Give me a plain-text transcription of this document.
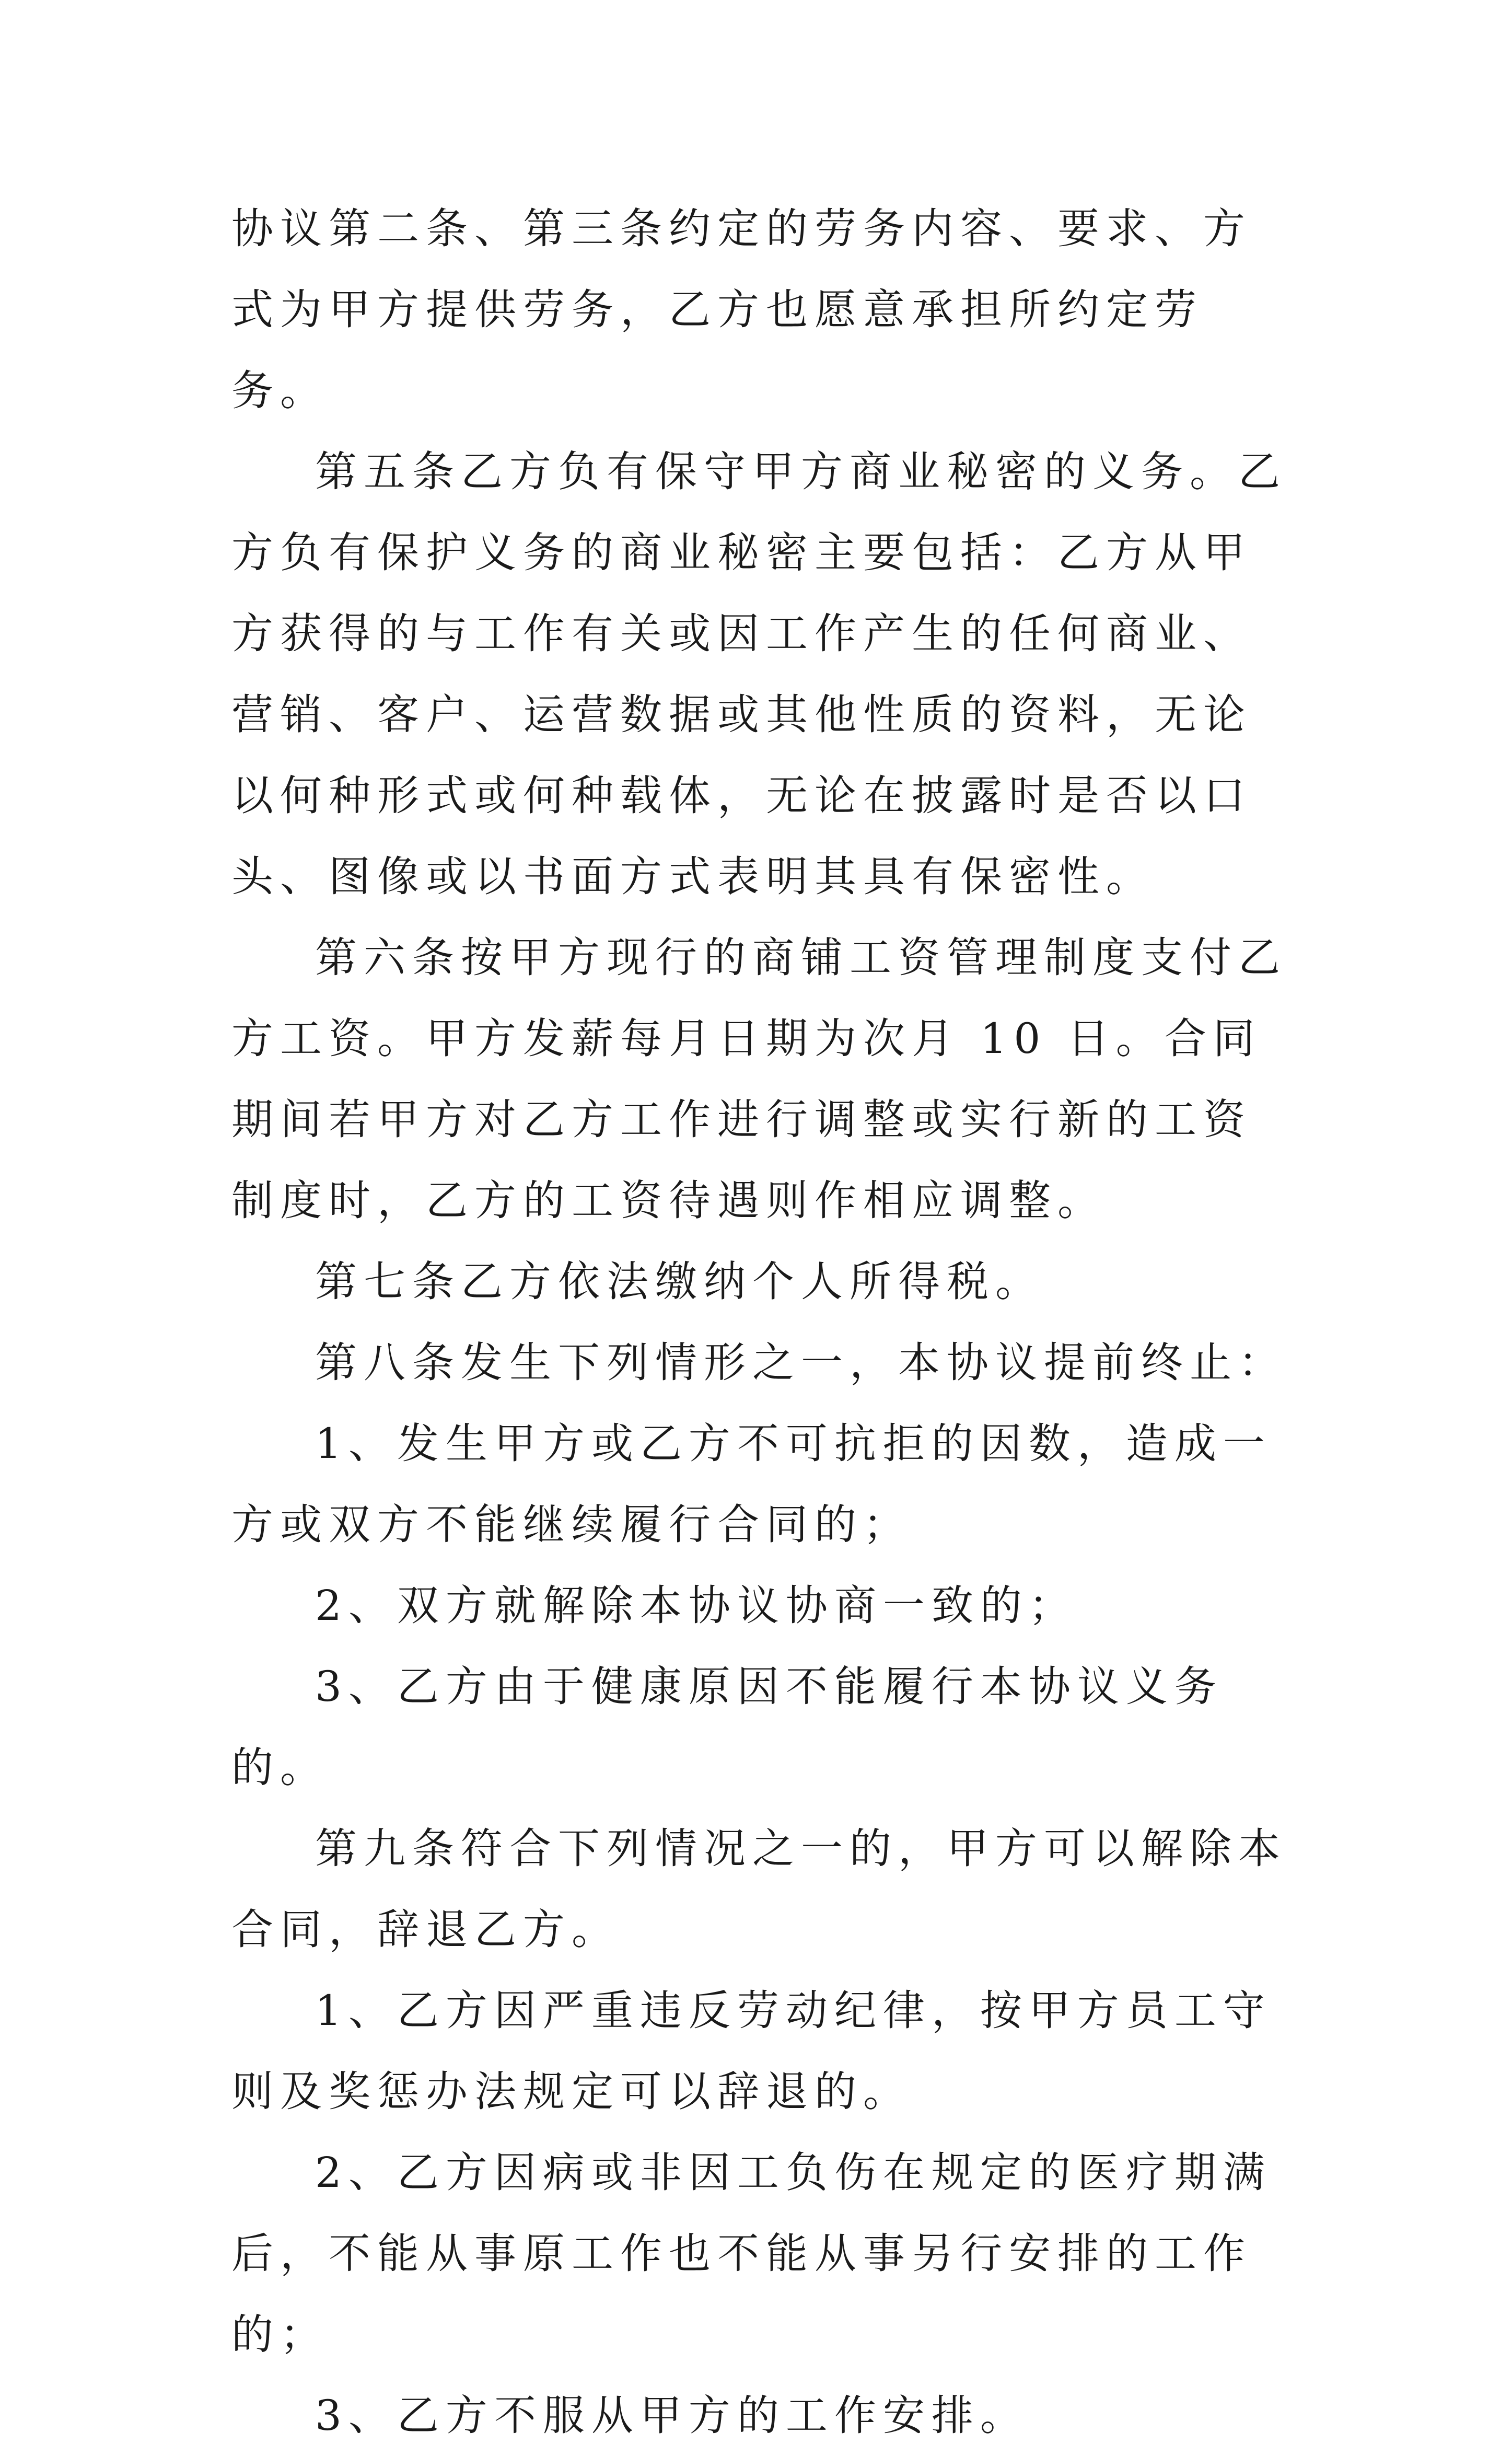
协议第二条、第三条约定的劳务内容、要求、方式为甲方提供劳务，乙方也愿意承担所约定劳务。

第五条乙方负有保守甲方商业秘密的义务。乙方负有保护义务的商业秘密主要包括：乙方从甲方获得的与工作有关或因工作产生的任何商业、营销、客户、运营数据或其他性质的资料，无论以何种形式或何种载体，无论在披露时是否以口头、图像或以书面方式表明其具有保密性。

第六条按甲方现行的商铺工资管理制度支付乙方工资。甲方发薪每月日期为次月 10 日。合同期间若甲方对乙方工作进行调整或实行新的工资制度时，乙方的工资待遇则作相应调整。

第七条乙方依法缴纳个人所得税。

第八条发生下列情形之一，本协议提前终止：

1、发生甲方或乙方不可抗拒的因数，造成一方或双方不能继续履行合同的；

2、双方就解除本协议协商一致的；

3、乙方由于健康原因不能履行本协议义务的。

第九条符合下列情况之一的，甲方可以解除本合同，辞退乙方。

1、乙方因严重违反劳动纪律，按甲方员工守则及奖惩办法规定可以辞退的。

2、乙方因病或非因工负伤在规定的医疗期满后，不能从事原工作也不能从事另行安排的工作的；

3、乙方不服从甲方的工作安排。
